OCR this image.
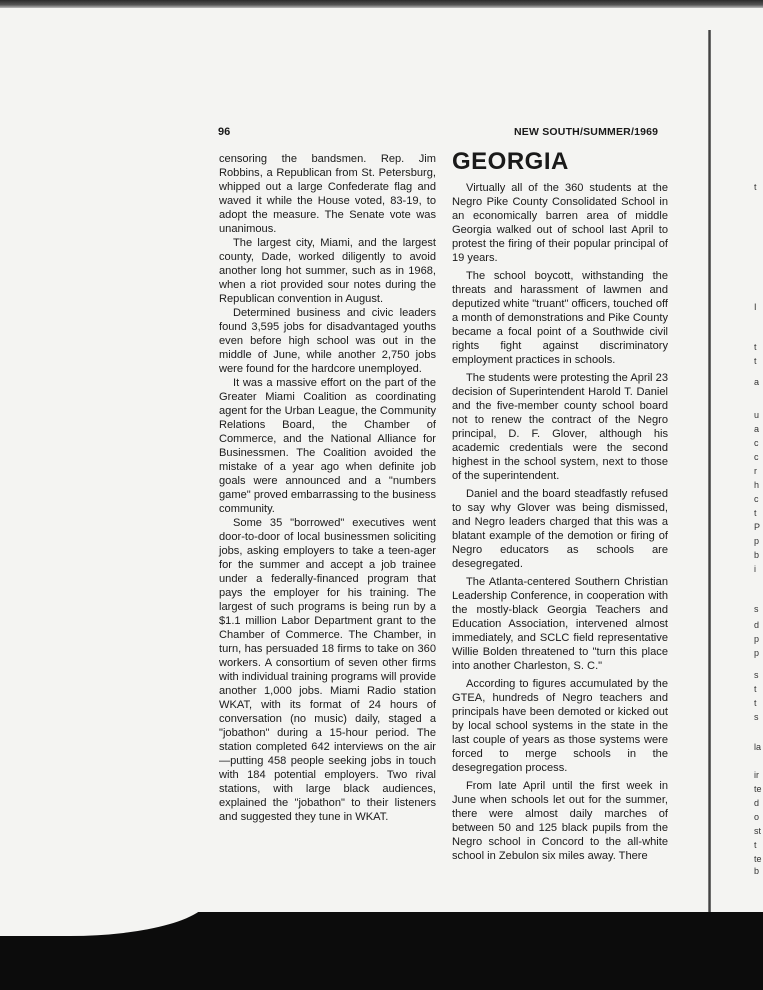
96	NEW SOUTH/SUMMER/1969

censoring the bandsmen. Rep. Jim Robbins, a Republican from St. Petersburg, whipped out a large Confederate flag and waved it while the House voted, 83-19, to adopt the measure. The Senate vote was unanimous.

The largest city, Miami, and the largest county, Dade, worked diligently to avoid another long hot summer, such as in 1968, when a riot provided sour notes during the Republican convention in August.

Determined business and civic leaders found 3,595 jobs for disadvantaged youths even before high school was out in the middle of June, while another 2,750 jobs were found for the hardcore unemployed.

It was a massive effort on the part of the Greater Miami Coalition as coordinating agent for the Urban League, the Community Relations Board, the Chamber of Commerce, and the National Alliance for Businessmen. The Coalition avoided the mistake of a year ago when definite job goals were announced and a "numbers game" proved embarrassing to the business community.

Some 35 "borrowed" executives went door-to-door of local businessmen soliciting jobs, asking employers to take a teen-ager for the summer and accept a job trainee under a federally-financed program that pays the employer for his training. The largest of such programs is being run by a $1.1 million Labor Department grant to the Chamber of Commerce. The Chamber, in turn, has persuaded 18 firms to take on 360 workers. A consortium of seven other firms with individual training programs will provide another 1,000 jobs. Miami Radio station WKAT, with its format of 24 hours of conversation (no music) daily, staged a "jobathon" during a 15-hour period. The station completed 642 interviews on the air—putting 458 people seeking jobs in touch with 184 potential employers. Two rival stations, with large black audiences, explained the "jobathon" to their listeners and suggested they tune in WKAT.

GEORGIA

Virtually all of the 360 students at the Negro Pike County Consolidated School in an economically barren area of middle Georgia walked out of school last April to protest the firing of their popular principal of 19 years.

The school boycott, withstanding the threats and harassment of lawmen and deputized white "truant" officers, touched off a month of demonstrations and Pike County became a focal point of a Southwide civil rights fight against discriminatory employment practices in schools.

The students were protesting the April 23 decision of Superintendent Harold T. Daniel and the five-member county school board not to renew the contract of the Negro principal, D. F. Glover, although his academic credentials were the second highest in the school system, next to those of the superintendent.

Daniel and the board steadfastly refused to say why Glover was being dismissed, and Negro leaders charged that this was a blatant example of the demotion or firing of Negro educators as schools are desegregated.

The Atlanta-centered Southern Christian Leadership Conference, in cooperation with the mostly-black Georgia Teachers and Education Association, intervened almost immediately, and SCLC field representative Willie Bolden threatened to "turn this place into another Charleston, S. C."

According to figures accumulated by the GTEA, hundreds of Negro teachers and principals have been demoted or kicked out by local school systems in the state in the last couple of years as those systems were forced to merge schools in the desegregation process.

From late April until the first week in June when schools let out for the summer, there were almost daily marches of between 50 and 125 black pupils from the Negro school in Concord to the all-white school in Zebulon six miles away. There

t
I
t
t
a
u
a
c
c
r
h
c
t
P
p
b
i
s
d
p
p
s
t
t
s
la
ir
te
d
o
st
t
te
b
